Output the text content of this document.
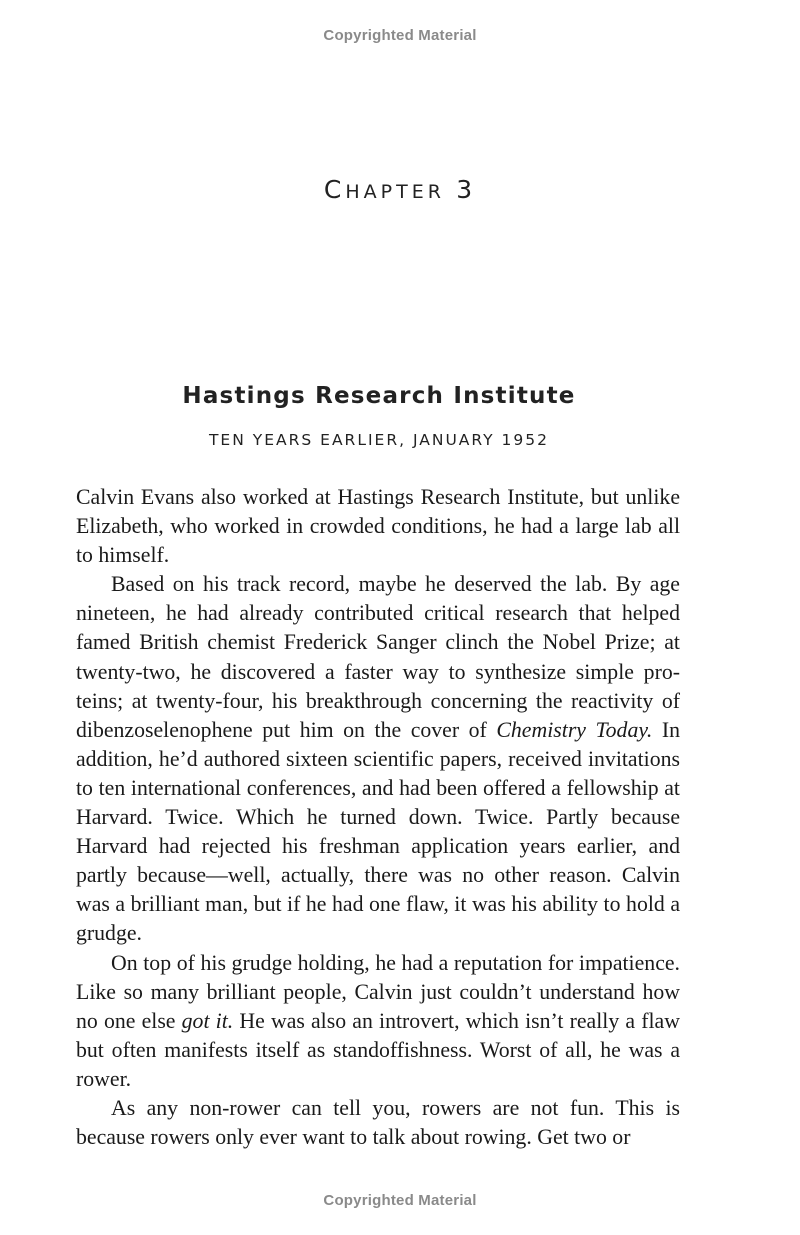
Copyrighted Material
CHAPTER 3
Hastings Research Institute
TEN YEARS EARLIER, JANUARY 1952

Calvin Evans also worked at Hastings Research Institute, but unlike Elizabeth, who worked in crowded conditions, he had a large lab all to himself.

Based on his track record, maybe he deserved the lab. By age nineteen, he had already contributed critical research that helped famed British chemist Frederick Sanger clinch the Nobel Prize; at twenty-two, he discovered a faster way to synthesize simple proteins; at twenty-four, his breakthrough concerning the reactivity of dibenzoselenophene put him on the cover of Chemistry Today. In addition, he’d authored sixteen scientific papers, received invitations to ten international conferences, and had been offered a fellowship at Harvard. Twice. Which he turned down. Twice. Partly because Harvard had rejected his freshman application years earlier, and partly because—well, actually, there was no other reason. Calvin was a brilliant man, but if he had one flaw, it was his ability to hold a grudge.

On top of his grudge holding, he had a reputation for impatience. Like so many brilliant people, Calvin just couldn’t understand how no one else got it. He was also an introvert, which isn’t really a flaw but often manifests itself as standoffishness. Worst of all, he was a rower.

As any non-rower can tell you, rowers are not fun. This is because rowers only ever want to talk about rowing. Get two or

Copyrighted Material
